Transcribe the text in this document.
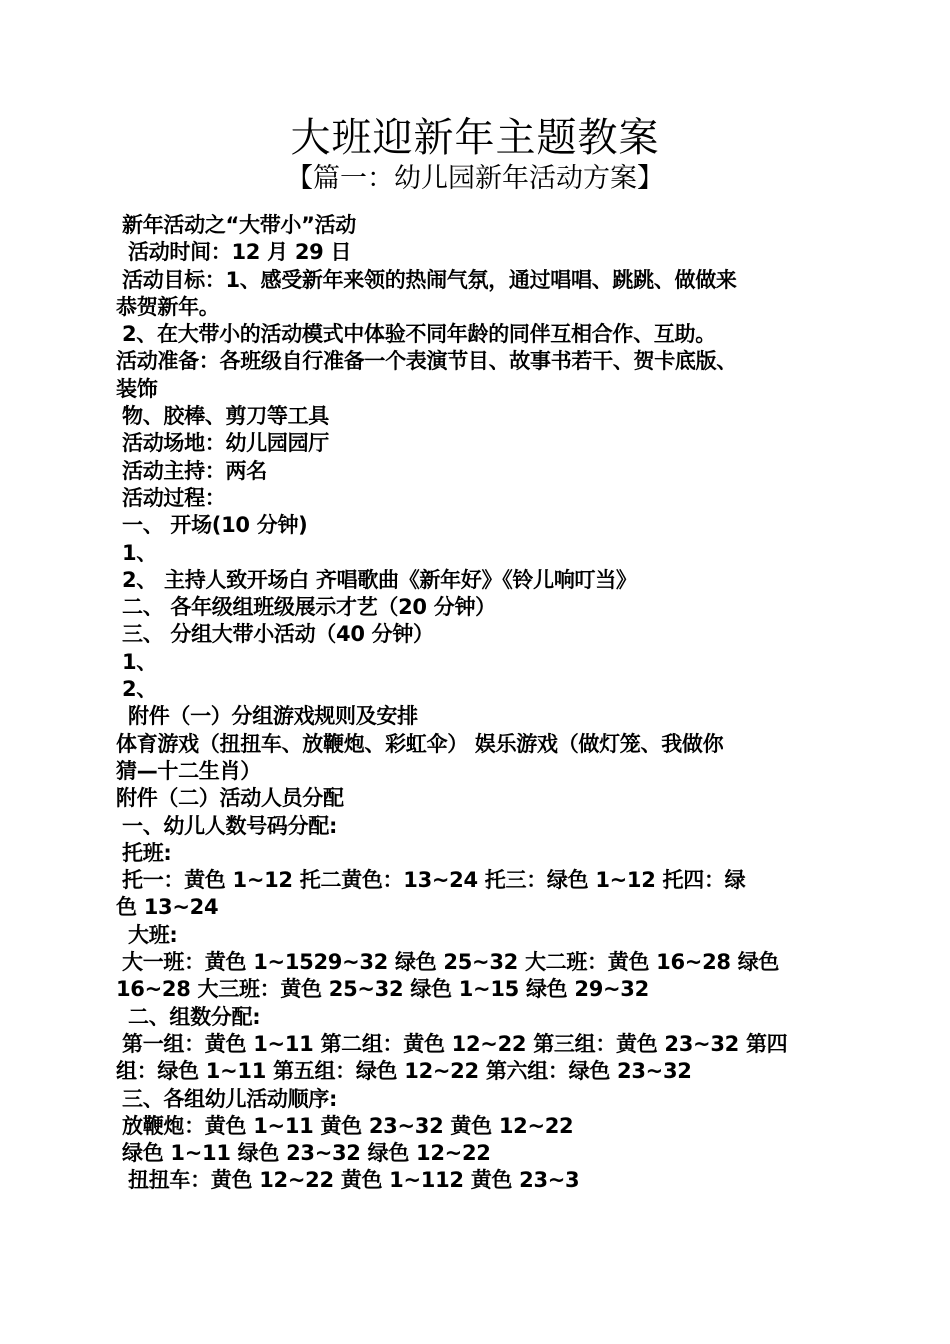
大班迎新年主题教案
【篇一：幼儿园新年活动方案】
新年活动之“大带小”活动
活动时间：12 月 29 日
活动目标：1、感受新年来领的热闹气氛，通过唱唱、跳跳、做做来
恭贺新年。
2、在大带小的活动模式中体验不同年龄的同伴互相合作、互助。
活动准备：各班级自行准备一个表演节目、故事书若干、贺卡底版、
装饰
物、胶棒、剪刀等工具
活动场地：幼儿园园厅
活动主持：两名
活动过程：
一、 开场(10 分钟)
1、
2、 主持人致开场白 齐唱歌曲《新年好》《铃儿响叮当》
二、 各年级组班级展示才艺（20 分钟）
三、 分组大带小活动（40 分钟）
1、
2、
附件（一）分组游戏规则及安排
体育游戏（扭扭车、放鞭炮、彩虹伞） 娱乐游戏（做灯笼、我做你
猜—十二生肖）
附件（二）活动人员分配
一、幼儿人数号码分配:
托班:
托一：黄色 1~12 托二黄色：13~24 托三：绿色 1~12 托四：绿
色 13~24
大班:
大一班：黄色 1~1529~32 绿色 25~32 大二班：黄色 16~28 绿色
16~28 大三班：黄色 25~32 绿色 1~15 绿色 29~32
二、组数分配:
第一组：黄色 1~11 第二组：黄色 12~22 第三组：黄色 23~32 第四
组：绿色 1~11 第五组：绿色 12~22 第六组：绿色 23~32
三、各组幼儿活动顺序:
放鞭炮：黄色 1~11 黄色 23~32 黄色 12~22
绿色 1~11 绿色 23~32 绿色 12~22
扭扭车：黄色 12~22 黄色 1~112 黄色 23~3
